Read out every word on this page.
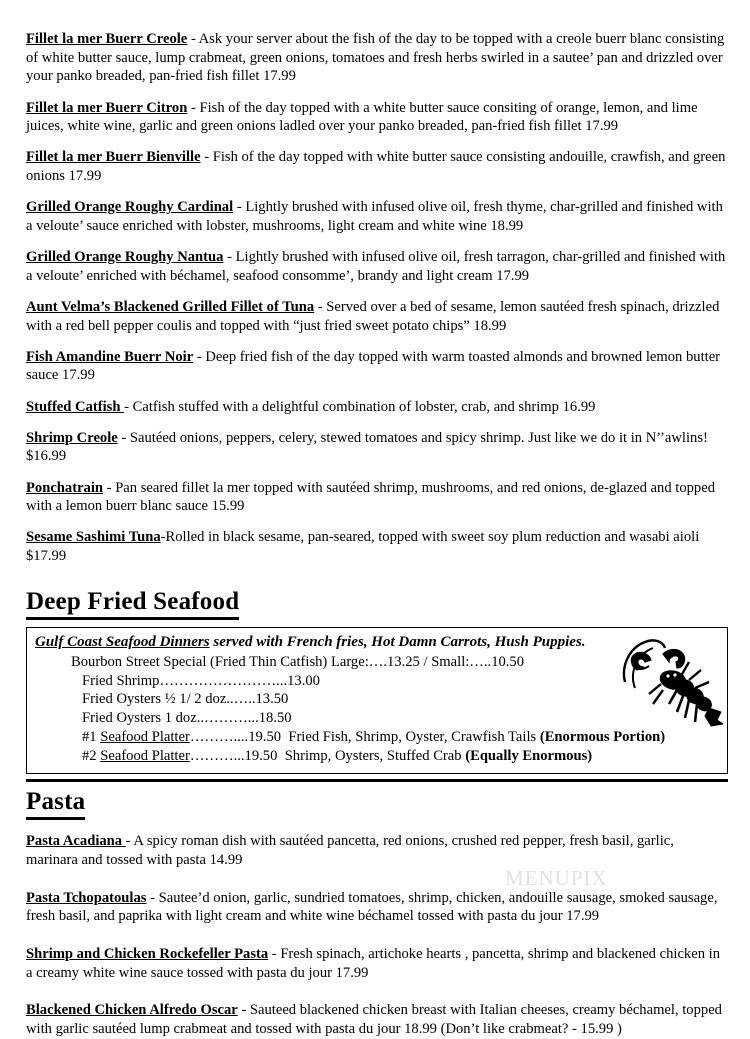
MENUPIX

Fillet la mer Buerr Creole - Ask your server about the fish of the day to be topped with a creole buerr blanc consisting of white butter sauce, lump crabmeat, green onions, tomatoes and fresh herbs swirled in a sautee’ pan and drizzled over your panko breaded, pan-fried fish fillet 17.99

Fillet la mer Buerr Citron - Fish of the day topped with a white butter sauce consiting of orange, lemon, and lime juices, white wine, garlic and green onions ladled over your panko breaded, pan-fried fish fillet 17.99

Fillet la mer Buerr Bienville - Fish of the day topped with white butter sauce consisting andouille, crawfish, and green onions 17.99

Grilled Orange Roughy Cardinal - Lightly brushed with infused olive oil, fresh thyme, char-grilled and finished with a veloute’ sauce enriched with lobster, mushrooms, light cream and white wine 18.99

Grilled Orange Roughy Nantua - Lightly brushed with infused olive oil, fresh tarragon, char-grilled and finished with a veloute’ enriched with béchamel, seafood consomme’, brandy and light cream 17.99

Aunt Velma’s Blackened Grilled Fillet of Tuna - Served over a bed of sesame, lemon sautéed fresh spinach, drizzled with a red bell pepper coulis and topped with “just fried sweet potato chips” 18.99

Fish Amandine Buerr Noir - Deep fried fish of the day topped with warm toasted almonds and browned lemon butter sauce 17.99

Stuffed Catfish - Catfish stuffed with a delightful combination of lobster, crab, and shrimp 16.99

Shrimp Creole - Sautéed onions, peppers, celery, stewed tomatoes and spicy shrimp. Just like we do it in N’’awlins! $16.99

Ponchatrain - Pan seared fillet la mer topped with sautéed shrimp, mushrooms, and red onions, de-glazed and topped with a lemon buerr blanc sauce 15.99

Sesame Sashimi Tuna-Rolled in black sesame, pan-seared, topped with sweet soy plum reduction and wasabi aioli $17.99

Deep Fried Seafood
Gulf Coast Seafood Dinners served with French fries, Hot Damn Carrots, Hush Puppies.

Bourbon Street Special (Fried Thin Catfish) Large:….13.25 / Small:…..10.50

Fried Shrimp……………………...13.00

Fried Oysters ½ 1/ 2 doz..…..13.50

Fried Oysters 1 doz..………...18.50

#1 Seafood Platter………....19.50  Fried Fish, Shrimp, Oyster, Crawfish Tails (Enormous Portion)

#2 Seafood Platter………...19.50  Shrimp, Oysters, Stuffed Crab (Equally Enormous)

Pasta

Pasta Acadiana - A spicy roman dish with sautéed pancetta, red onions, crushed red pepper, fresh basil, garlic, marinara and tossed with pasta 14.99

Pasta Tchopatoulas - Sautee’d onion, garlic, sundried tomatoes, shrimp, chicken, andouille sausage, smoked sausage, fresh basil, and paprika with light cream and white wine béchamel tossed with pasta du jour 17.99

Shrimp and Chicken Rockefeller Pasta - Fresh spinach, artichoke hearts , pancetta, shrimp and blackened chicken in a creamy white wine sauce tossed with pasta du jour 17.99

Blackened Chicken Alfredo Oscar - Sauteed blackened chicken breast with Italian cheeses, creamy béchamel, topped with garlic sautéed lump crabmeat and tossed with pasta du jour 18.99 (Don’t like crabmeat? - 15.99 )
